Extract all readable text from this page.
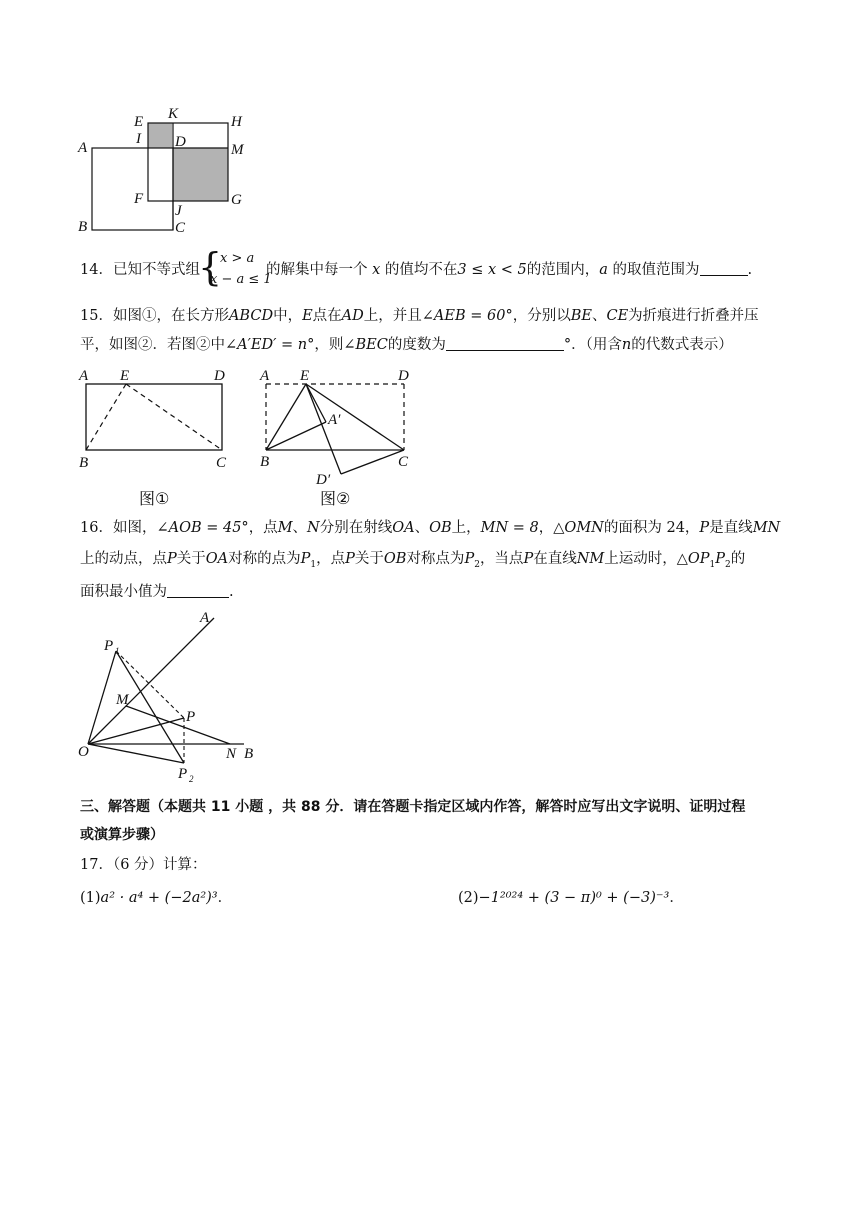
E K	H
I D	M
A
F
J
G
B	C
14．已知不等式组
{
x > a
x − a ≤ 1
的解集中每一个 x 的值均不在3 ≤ x < 5的范围内，a 的取值范围为	.
15．如图①，在长方形ABCD中，E点在AD上，并且∠AEB = 60°，分别以BE、CE为折痕进行折叠并压
平，如图②．若图②中∠A′ED′ = n°，则∠BEC的度数为	°．（用含n的代数式表示）
A E	D
B	C
A E	D
A′
B	C
D′
图①	图②
16．如图，∠AOB = 45°，点M、N分别在射线OA、OB上，MN = 8，△OMN的面积为 24，P是直线MN
上的动点，点P关于OA对称的点为$P_1$，点P关于OB对称点为$P_2$，当点P在直线NM上运动时，$\triangle OP_1P_2$的
面积最小值为	.
A
P 1
M
P
O	N B
P 2
三、解答题（本题共 11 小题 ，共 88 分．请在答题卡指定区域内作答，解答时应写出文字说明、证明过程
或演算步骤）
17．（6 分）计算：
(1)a² · a⁴ + (−2a²)³．	(2)−1²⁰²⁴ + (3 − π)⁰ + (−3)⁻³．
